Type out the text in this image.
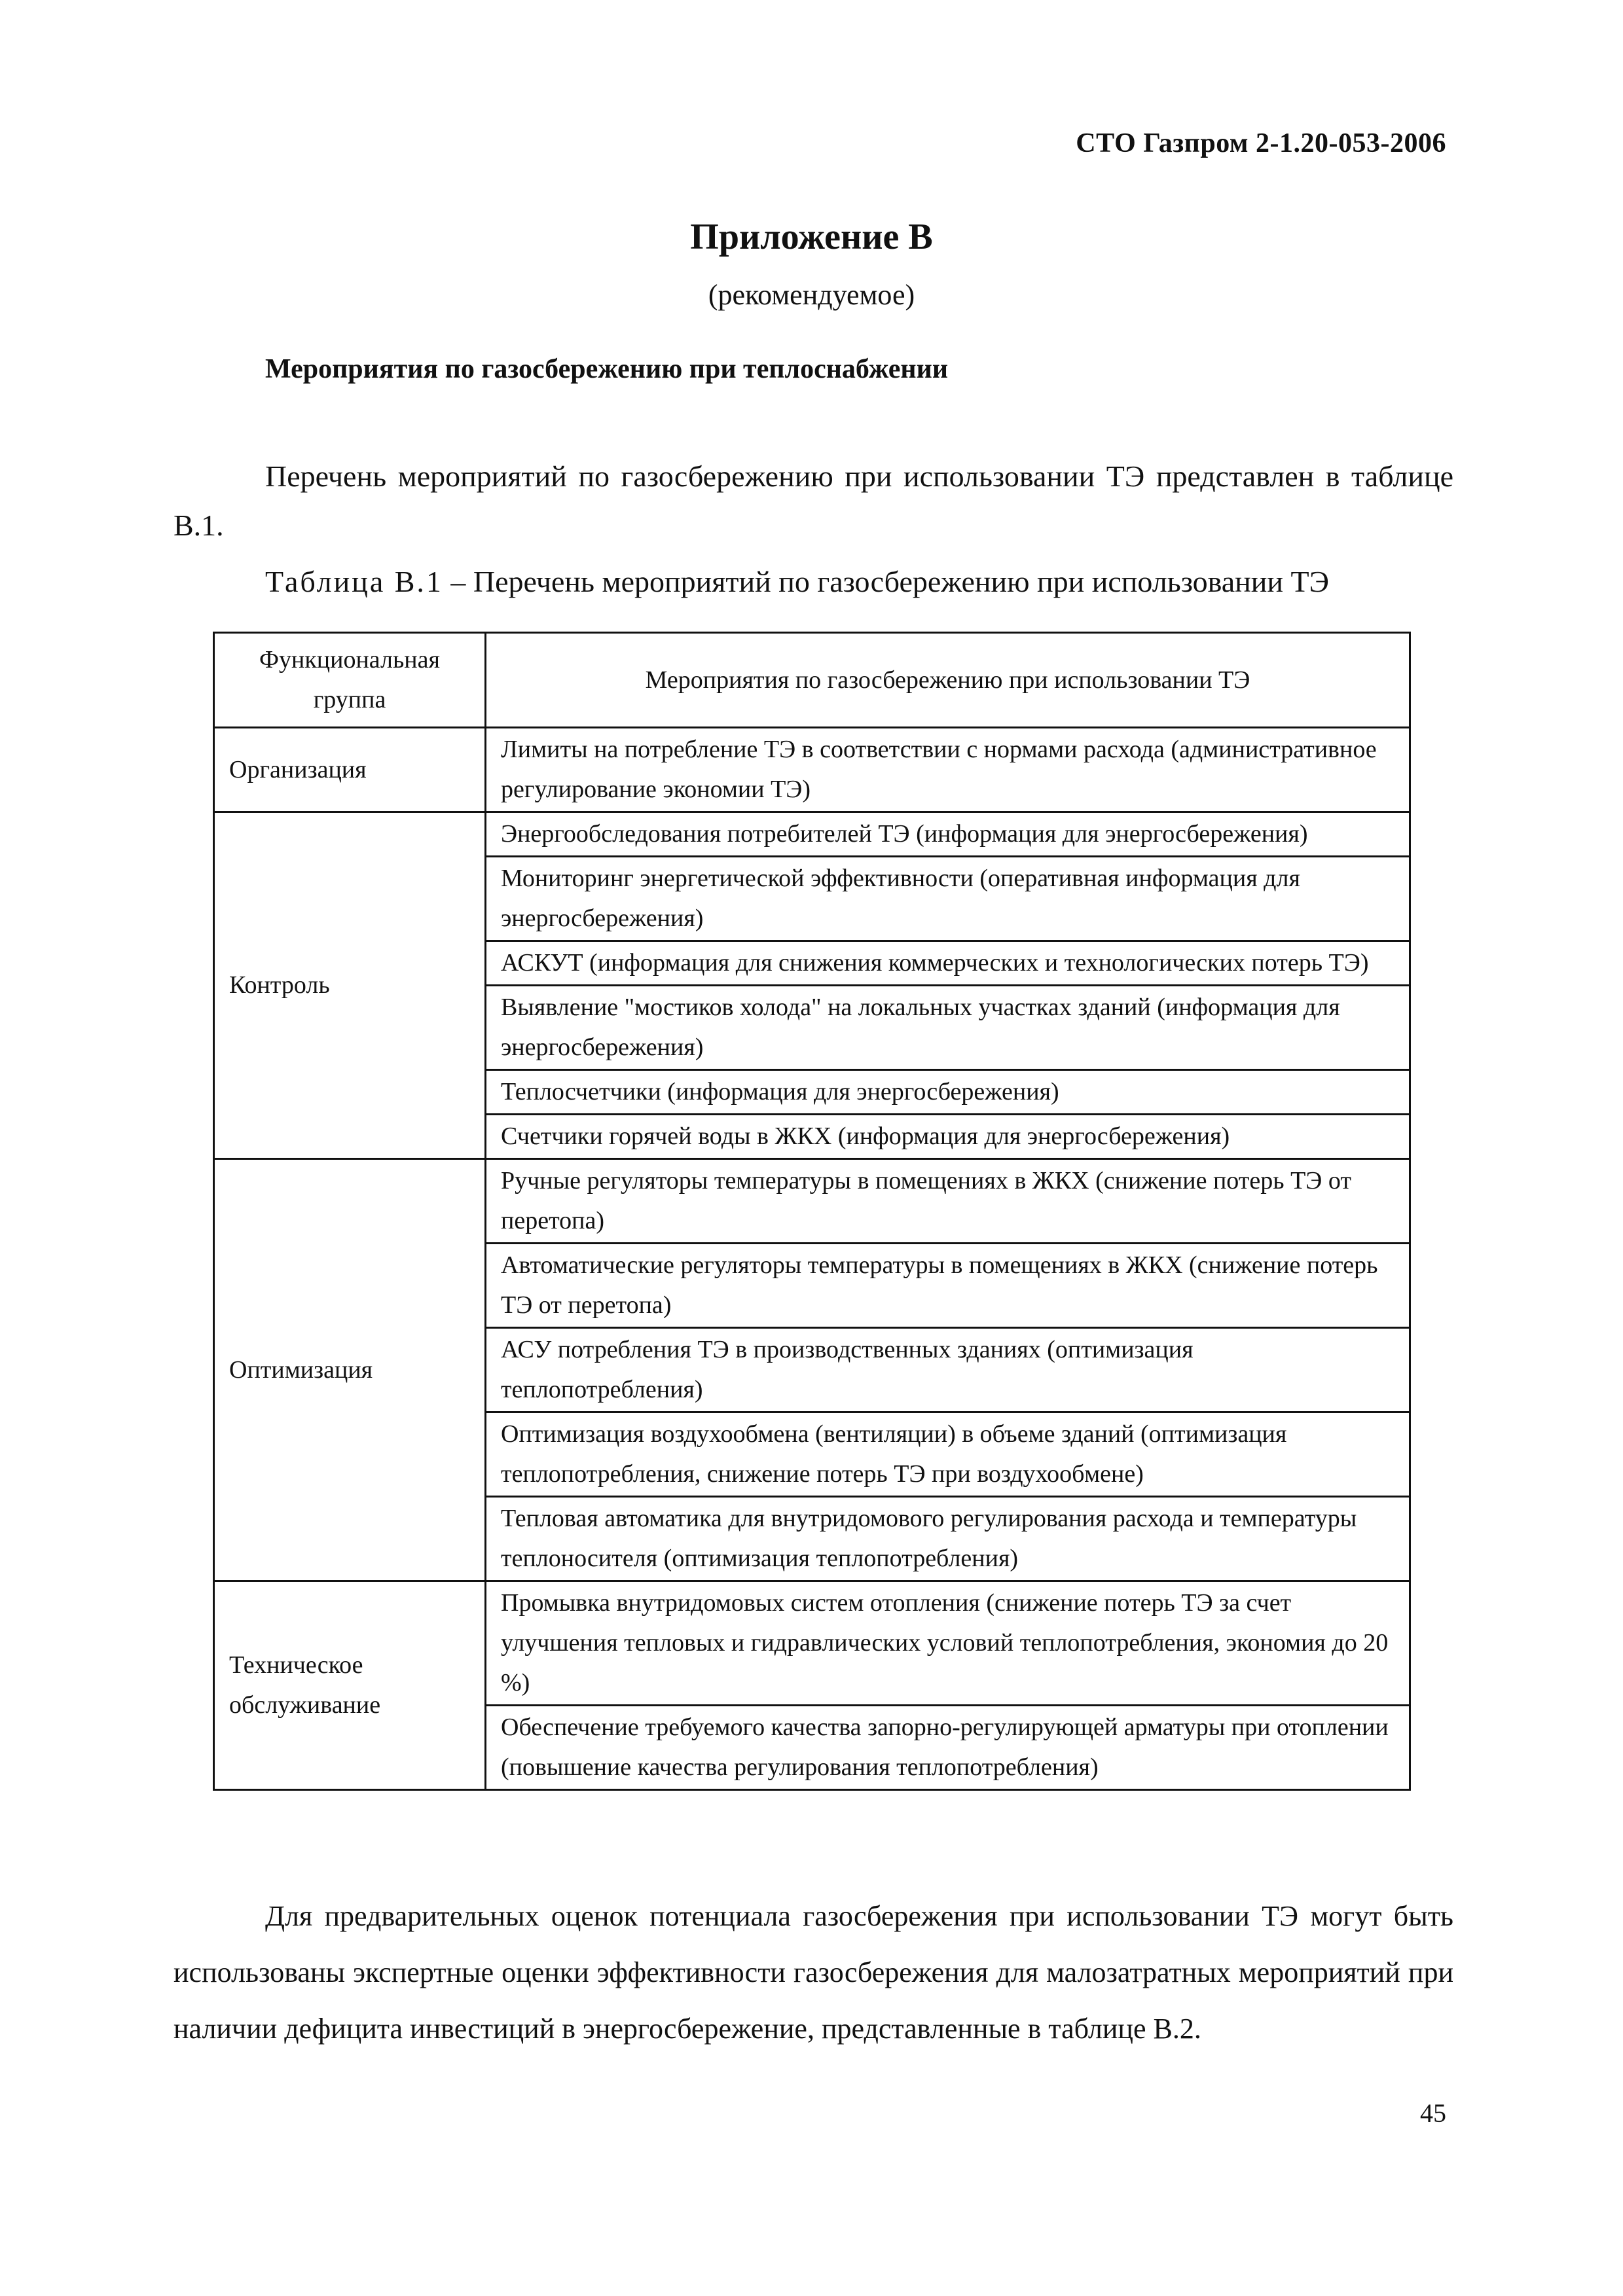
СТО Газпром 2-1.20-053-2006
Приложение В
(рекомендуемое)
Мероприятия по газосбережению при теплоснабжении

Перечень мероприятий по газосбережению при использовании ТЭ представлен в таблице В.1.

Таблица В.1 – Перечень мероприятий по газосбережению при использовании ТЭ
Функциональная группа	Мероприятия по газосбережению при использовании ТЭ
Организация	Лимиты на потребление ТЭ в соответствии с нормами расхода (административное регулирование экономии ТЭ)
Контроль	Энергообследования потребителей ТЭ (информация для энергосбережения)
	Мониторинг энергетической эффективности (оперативная информация для энергосбережения)
	АСКУТ (информация для снижения коммерческих и технологических потерь ТЭ)
	Выявление "мостиков холода" на локальных участках зданий (информация для энергосбережения)
	Теплосчетчики (информация для энергосбережения)
	Счетчики горячей воды в ЖКХ (информация для энергосбережения)
Оптимизация	Ручные регуляторы температуры в помещениях в ЖКХ (снижение потерь ТЭ от перетопа)
	Автоматические регуляторы температуры в помещениях в ЖКХ (снижение потерь ТЭ от перетопа)
	АСУ потребления ТЭ в производственных зданиях (оптимизация теплопотребления)
	Оптимизация воздухообмена (вентиляции) в объеме зданий (оптимизация теплопотребления, снижение потерь ТЭ при воздухообмене)
	Тепловая автоматика для внутридомового регулирования расхода и температуры теплоносителя (оптимизация теплопотребления)
Техническое обслуживание	Промывка внутридомовых систем отопления (снижение потерь ТЭ за счет улучшения тепловых и гидравлических условий теплопотребления, экономия до 20 %)
	Обеспечение требуемого качества запорно-регулирующей арматуры при отоплении (повышение качества регулирования теплопотребления)

Для предварительных оценок потенциала газосбережения при использовании ТЭ могут быть использованы экспертные оценки эффективности газосбережения для малозатратных мероприятий при наличии дефицита инвестиций в энергосбережение, представленные в таблице В.2.

45
